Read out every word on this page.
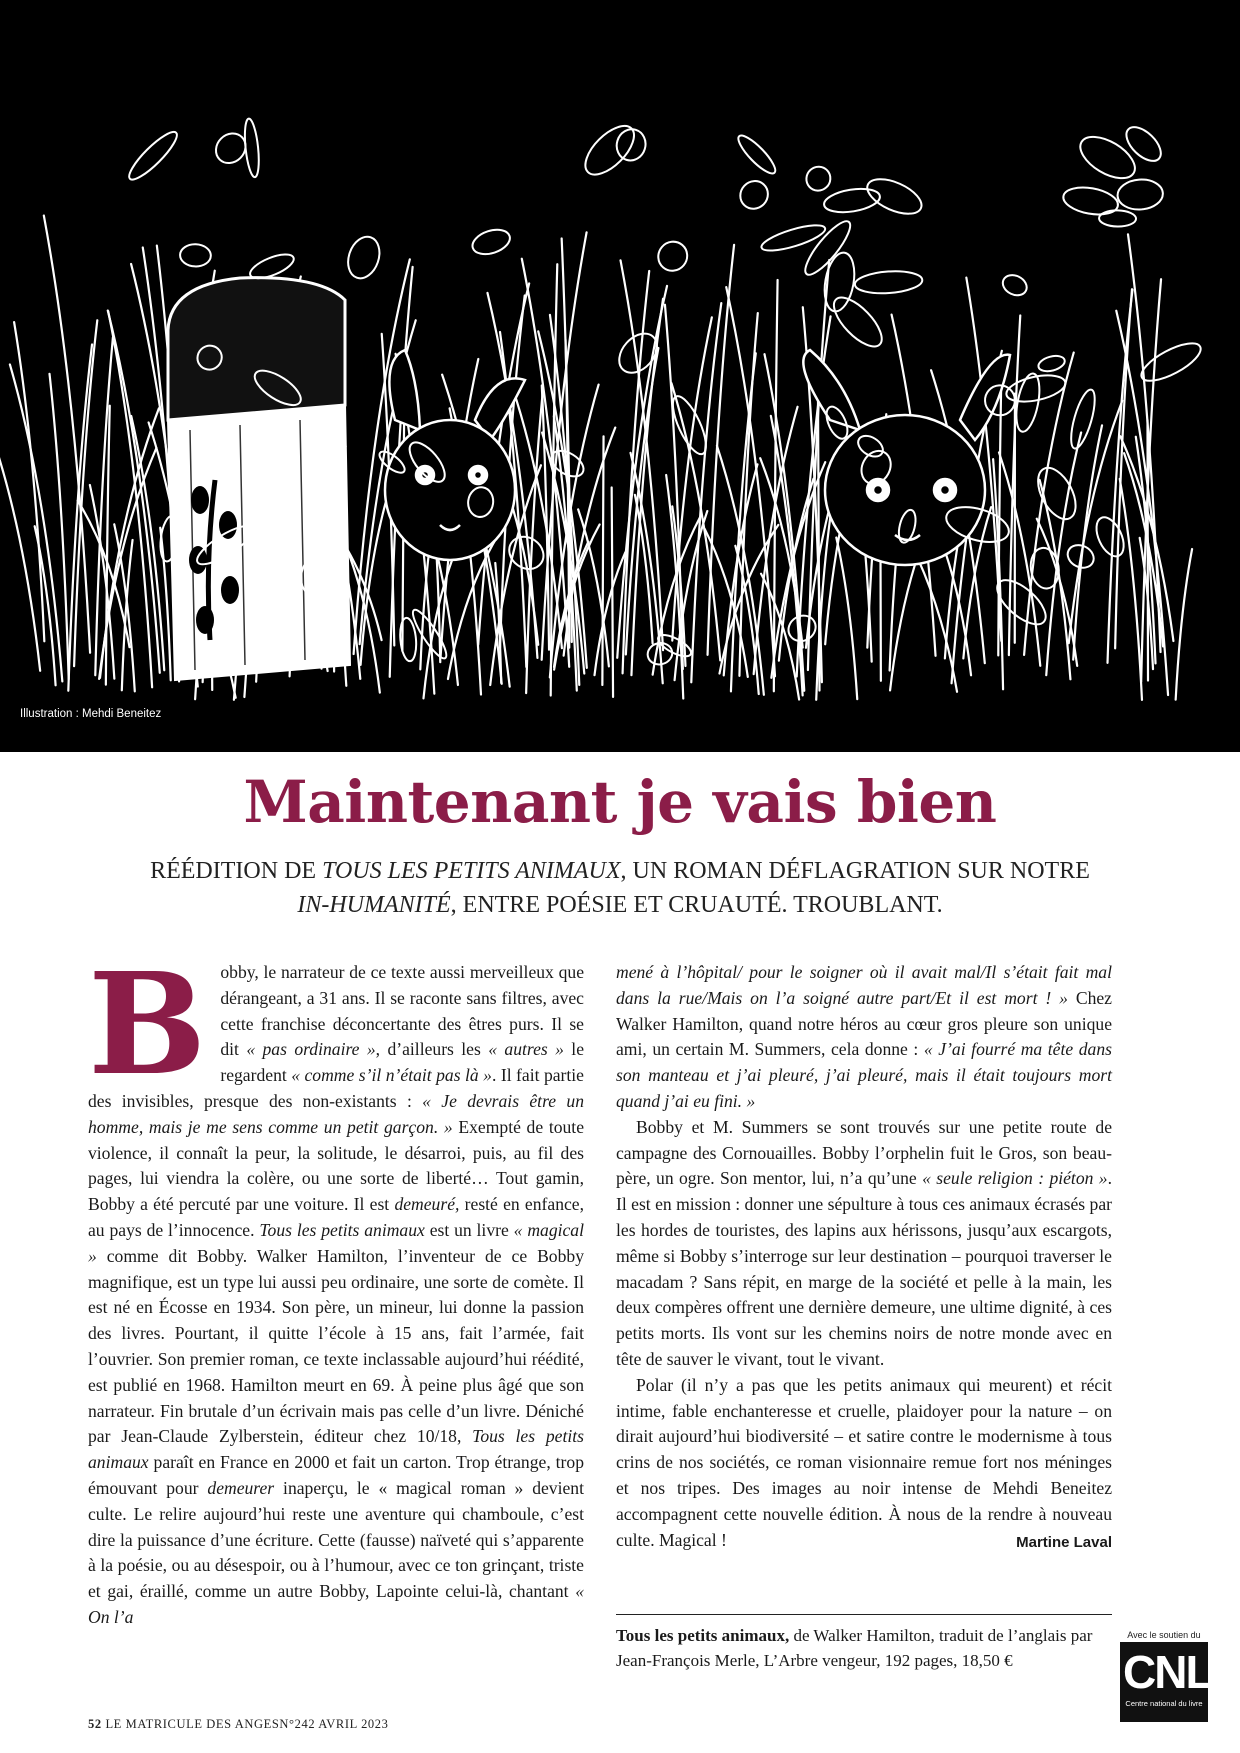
Illustration : Mehdi Beneitez
Maintenant je vais bien

RÉÉDITION DE TOUS LES PETITS ANIMAUX, UN ROMAN DÉFLAGRATION SUR NOTRE
IN-HUMANITÉ, ENTRE POÉSIE ET CRUAUTÉ. TROUBLANT.

Bobby, le narrateur de ce texte aussi merveilleux que dérangeant, a 31 ans. Il se raconte sans filtres, avec cette franchise déconcertante des êtres purs. Il se dit « pas ordinaire », d’ailleurs les « autres » le regardent « comme s’il n’était pas là ». Il fait partie des invisibles, presque des non-existants : « Je devrais être un homme, mais je me sens comme un petit garçon. » Exempté de toute violence, il connaît la peur, la solitude, le désarroi, puis, au fil des pages, lui viendra la colère, ou une sorte de liberté… Tout gamin, Bobby a été percuté par une voiture. Il est demeuré, resté en enfance, au pays de l’innocence. Tous les petits animaux est un livre « magical » comme dit Bobby. Walker Hamilton, l’inventeur de ce Bobby magnifique, est un type lui aussi peu ordinaire, une sorte de comète. Il est né en Écosse en 1934. Son père, un mineur, lui donne la passion des livres. Pourtant, il quitte l’école à 15 ans, fait l’armée, fait l’ouvrier. Son premier roman, ce texte inclassable aujourd’hui réédité, est publié en 1968. Hamilton meurt en 69. À peine plus âgé que son narrateur. Fin brutale d’un écrivain mais pas celle d’un livre. Déniché par Jean-Claude Zylberstein, éditeur chez 10/18, Tous les petits animaux paraît en France en 2000 et fait un carton. Trop étrange, trop émouvant pour demeurer inaperçu, le « magical roman » devient culte. Le relire aujourd’hui reste une aventure qui chamboule, c’est dire la puissance d’une écriture. Cette (fausse) naïveté qui s’apparente à la poésie, ou au désespoir, ou à l’humour, avec ce ton grinçant, triste et gai, éraillé, comme un autre Bobby, Lapointe celui-là, chantant « On l’a

mené à l’hôpital/ pour le soigner où il avait mal/Il s’était fait mal dans la rue/Mais on l’a soigné autre part/Et il est mort ! » Chez Walker Hamilton, quand notre héros au cœur gros pleure son unique ami, un certain M. Summers, cela donne : « J’ai fourré ma tête dans son manteau et j’ai pleuré, j’ai pleuré, mais il était toujours mort quand j’ai eu fini. »

Bobby et M. Summers se sont trouvés sur une petite route de campagne des Cornouailles. Bobby l’orphelin fuit le Gros, son beau-père, un ogre. Son mentor, lui, n’a qu’une « seule religion : piéton ». Il est en mission : donner une sépulture à tous ces animaux écrasés par les hordes de touristes, des lapins aux hérissons, jusqu’aux escargots, même si Bobby s’interroge sur leur destination – pourquoi traverser le macadam ? Sans répit, en marge de la société et pelle à la main, les deux compères offrent une dernière demeure, une ultime dignité, à ces petits morts. Ils vont sur les chemins noirs de notre monde avec en tête de sauver le vivant, tout le vivant.

Polar (il n’y a pas que les petits animaux qui meurent) et récit intime, fable enchanteresse et cruelle, plaidoyer pour la nature – on dirait aujourd’hui biodiversité – et satire contre le modernisme à tous crins de nos sociétés, ce roman visionnaire remue fort nos méninges et nos tripes. Des images au noir intense de Mehdi Beneitez accompagnent cette nouvelle édition. À nous de la rendre à nouveau culte. Magical !	Martine Laval

Tous les petits animaux, de Walker Hamilton, traduit de l’anglais par Jean-François Merle, L’Arbre vengeur, 192 pages, 18,50 €
52 LE MATRICULE DES ANGESN°242 AVRIL 2023
Avec le soutien du
CNL
Centre national du livre
